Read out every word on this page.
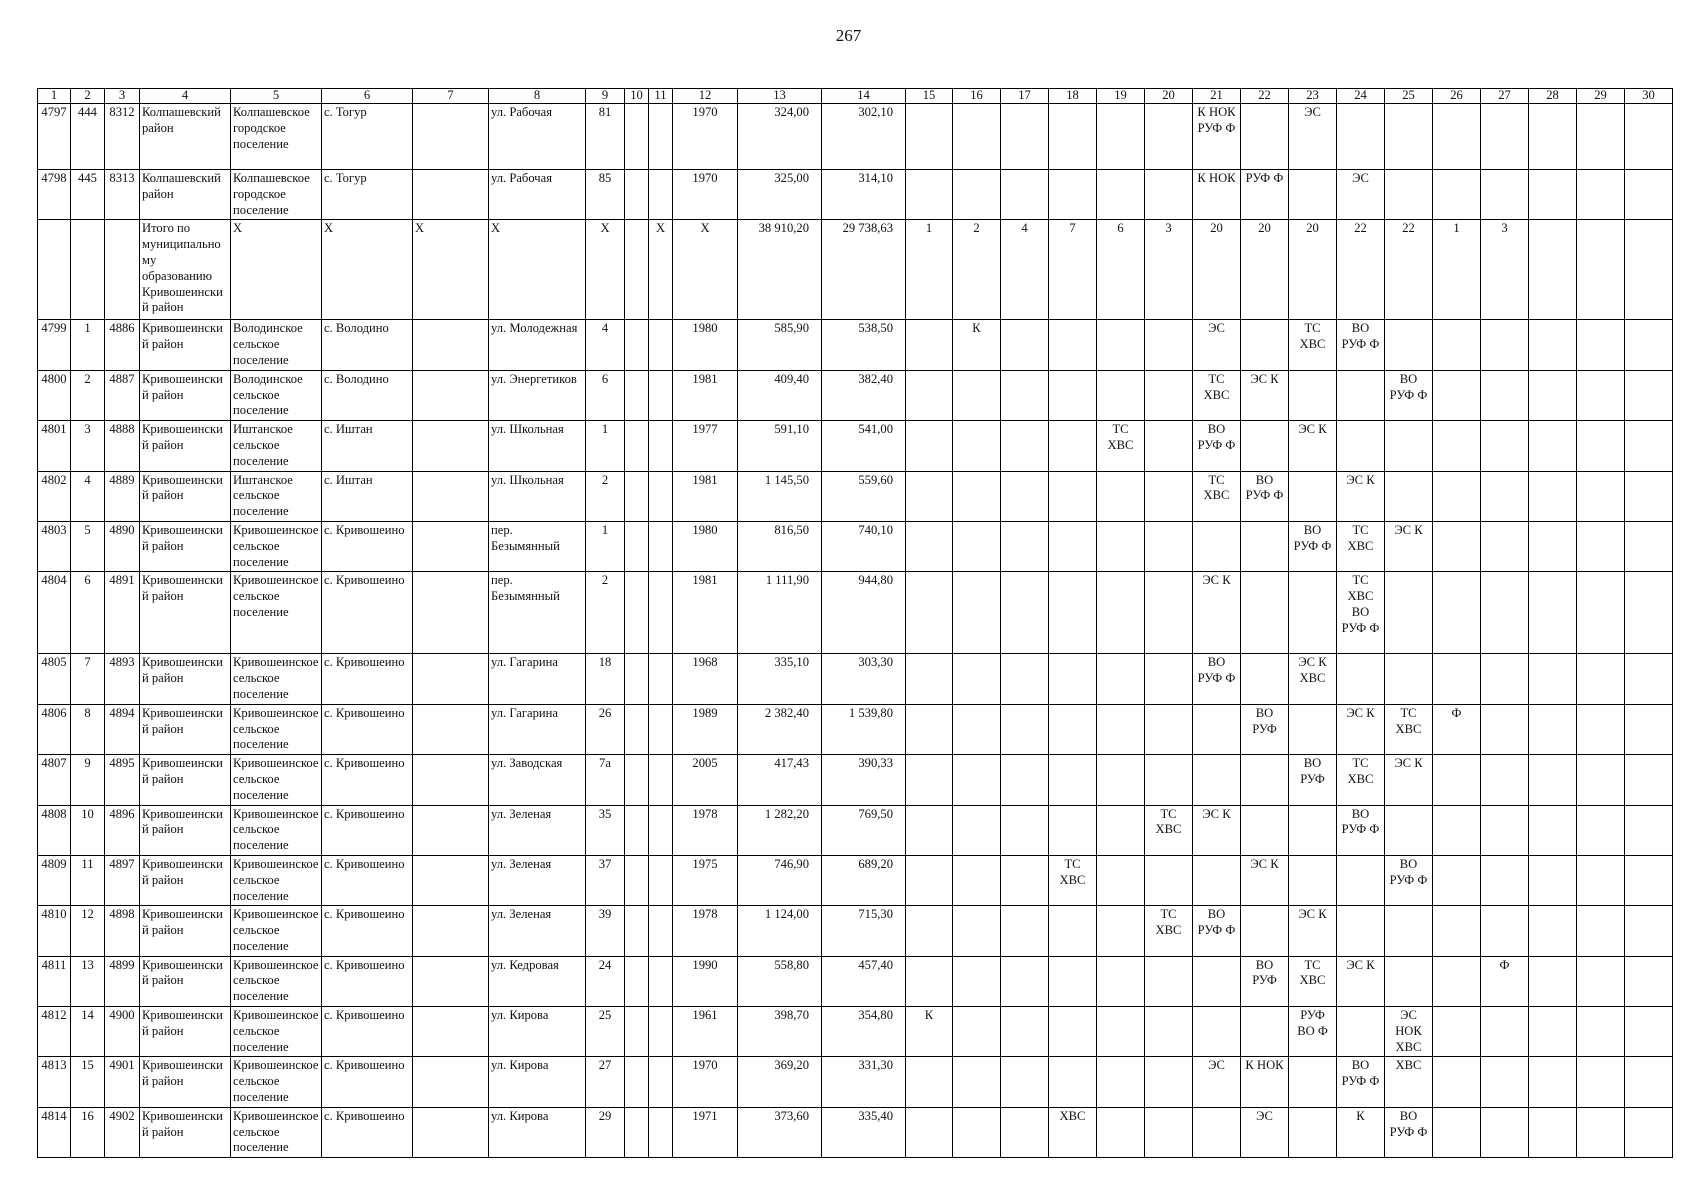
267
1	2	3	4	5	6	7	8	9	10	11	12	13	14	15	16	17	18	19	20	21	22	23	24	25	26	27	28	29	30
4797	444	8312	Колпашевский район	Колпашевское городское поселение	с. Тогур		ул. Рабочая	81			1970	324,00	302,10							К НОК РУФ Ф		ЭС							
4798	445	8313	Колпашевский район	Колпашевское городское поселение	с. Тогур		ул. Рабочая	85			1970	325,00	314,10							К НОК	РУФ Ф		ЭС						
			Итого по муниципальному образованию Кривошеинский район	Х	Х	Х	Х	Х		Х	Х	38 910,20	29 738,63	1	2	4	7	6	3	20	20	20	22	22	1	3			
4799	1	4886	Кривошеинский район	Володинское сельское поселение	с. Володино		ул. Молодежная	4			1980	585,90	538,50		К					ЭС		ТС ХВС	ВО РУФ Ф						
4800	2	4887	Кривошеинский район	Володинское сельское поселение	с. Володино		ул. Энергетиков	6			1981	409,40	382,40							ТС ХВС	ЭС К			ВО РУФ Ф					
4801	3	4888	Кривошеинский район	Иштанское сельское поселение	с. Иштан		ул. Школьная	1			1977	591,10	541,00					ТС ХВС		ВО РУФ Ф		ЭС К							
4802	4	4889	Кривошеинский район	Иштанское сельское поселение	с. Иштан		ул. Школьная	2			1981	1 145,50	559,60							ТС ХВС	ВО РУФ Ф		ЭС К						
4803	5	4890	Кривошеинский район	Кривошеинское сельское поселение	с. Кривошеино		пер. Безымянный	1			1980	816,50	740,10									ВО РУФ Ф	ТС ХВС	ЭС К					
4804	6	4891	Кривошеинский район	Кривошеинское сельское поселение	с. Кривошеино		пер. Безымянный	2			1981	1 111,90	944,80							ЭС К			ТС ХВС ВО РУФ Ф						
4805	7	4893	Кривошеинский район	Кривошеинское сельское поселение	с. Кривошеино		ул. Гагарина	18			1968	335,10	303,30							ВО РУФ Ф		ЭС К ХВС							
4806	8	4894	Кривошеинский район	Кривошеинское сельское поселение	с. Кривошеино		ул. Гагарина	26			1989	2 382,40	1 539,80								ВО РУФ		ЭС К	ТС ХВС	Ф				
4807	9	4895	Кривошеинский район	Кривошеинское сельское поселение	с. Кривошеино		ул. Заводская	7а			2005	417,43	390,33									ВО РУФ	ТС ХВС	ЭС К					
4808	10	4896	Кривошеинский район	Кривошеинское сельское поселение	с. Кривошеино		ул. Зеленая	35			1978	1 282,20	769,50						ТС ХВС	ЭС К			ВО РУФ Ф						
4809	11	4897	Кривошеинский район	Кривошеинское сельское поселение	с. Кривошеино		ул. Зеленая	37			1975	746,90	689,20				ТС ХВС				ЭС К			ВО РУФ Ф					
4810	12	4898	Кривошеинский район	Кривошеинское сельское поселение	с. Кривошеино		ул. Зеленая	39			1978	1 124,00	715,30						ТС ХВС	ВО РУФ Ф		ЭС К							
4811	13	4899	Кривошеинский район	Кривошеинское сельское поселение	с. Кривошеино		ул. Кедровая	24			1990	558,80	457,40								ВО РУФ	ТС ХВС	ЭС К			Ф			
4812	14	4900	Кривошеинский район	Кривошеинское сельское поселение	с. Кривошеино		ул. Кирова	25			1961	398,70	354,80	К								РУФ ВО Ф		ЭС НОК ХВС					
4813	15	4901	Кривошеинский район	Кривошеинское сельское поселение	с. Кривошеино		ул. Кирова	27			1970	369,20	331,30							ЭС	К НОК		ВО РУФ Ф	ХВС					
4814	16	4902	Кривошеинский район	Кривошеинское сельское поселение	с. Кривошеино		ул. Кирова	29			1971	373,60	335,40				ХВС				ЭС		К	ВО РУФ Ф					
